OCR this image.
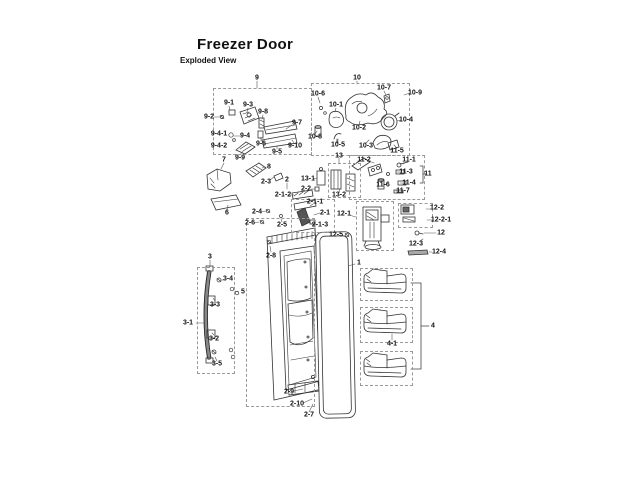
Freezer Door
Exploded View
9
9-1 9-3
9-8
9-2
9-7
9-4-1 9-4
9-4-2	9-6	9-10
9-5
9-9
7
8
6
10
10-7
10-9
10-6
10-1
10-4
10-2
10-8
10-5 10-3
13
11-5
11-2	11-1
11-3 11
11-6 11-4
11-7
13-1
2
2-3
2-2
13-2
2-1-2
2-1-1
2-4	2-1 12-1
2-6	2-5	2-1-3
12-5
2-8
12-2
12-2-1
12
12-3
12-4
3
3-4
5
3-3
3-1
3-2
3-5
1
4
4-1
2-9
2-10
2-7
